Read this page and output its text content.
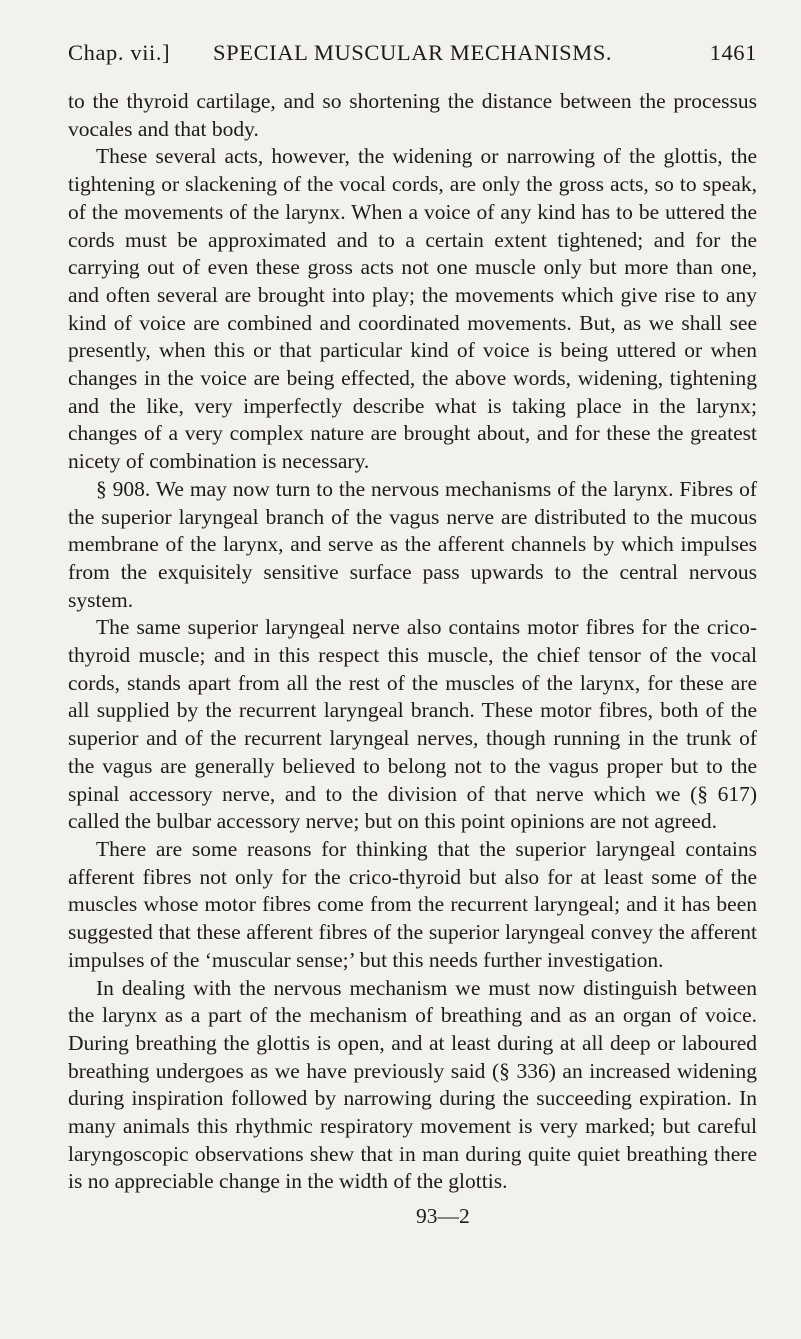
Chap. vii.] SPECIAL MUSCULAR MECHANISMS.	1461

to the thyroid cartilage, and so shortening the distance between the processus vocales and that body.

These several acts, however, the widening or narrowing of the glottis, the tightening or slackening of the vocal cords, are only the gross acts, so to speak, of the movements of the larynx. When a voice of any kind has to be uttered the cords must be approximated and to a certain extent tightened; and for the carrying out of even these gross acts not one muscle only but more than one, and often several are brought into play; the movements which give rise to any kind of voice are combined and coordinated movements. But, as we shall see presently, when this or that particular kind of voice is being uttered or when changes in the voice are being effected, the above words, widening, tightening and the like, very imperfectly describe what is taking place in the larynx; changes of a very complex nature are brought about, and for these the greatest nicety of combination is necessary.

§ 908. We may now turn to the nervous mechanisms of the larynx. Fibres of the superior laryngeal branch of the vagus nerve are distributed to the mucous membrane of the larynx, and serve as the afferent channels by which impulses from the exquisitely sensitive surface pass upwards to the central nervous system.

The same superior laryngeal nerve also contains motor fibres for the crico-thyroid muscle; and in this respect this muscle, the chief tensor of the vocal cords, stands apart from all the rest of the muscles of the larynx, for these are all supplied by the recurrent laryngeal branch. These motor fibres, both of the superior and of the recurrent laryngeal nerves, though running in the trunk of the vagus are generally believed to belong not to the vagus proper but to the spinal accessory nerve, and to the division of that nerve which we (§ 617) called the bulbar accessory nerve; but on this point opinions are not agreed.

There are some reasons for thinking that the superior laryngeal contains afferent fibres not only for the crico-thyroid but also for at least some of the muscles whose motor fibres come from the recurrent laryngeal; and it has been suggested that these afferent fibres of the superior laryngeal convey the afferent impulses of the ‘muscular sense;’ but this needs further investigation.

In dealing with the nervous mechanism we must now distinguish between the larynx as a part of the mechanism of breathing and as an organ of voice. During breathing the glottis is open, and at least during at all deep or laboured breathing undergoes as we have previously said (§ 336) an increased widening during inspiration followed by narrowing during the succeeding expiration. In many animals this rhythmic respiratory movement is very marked; but careful laryngoscopic observations shew that in man during quite quiet breathing there is no appreciable change in the width of the glottis.

93—2
